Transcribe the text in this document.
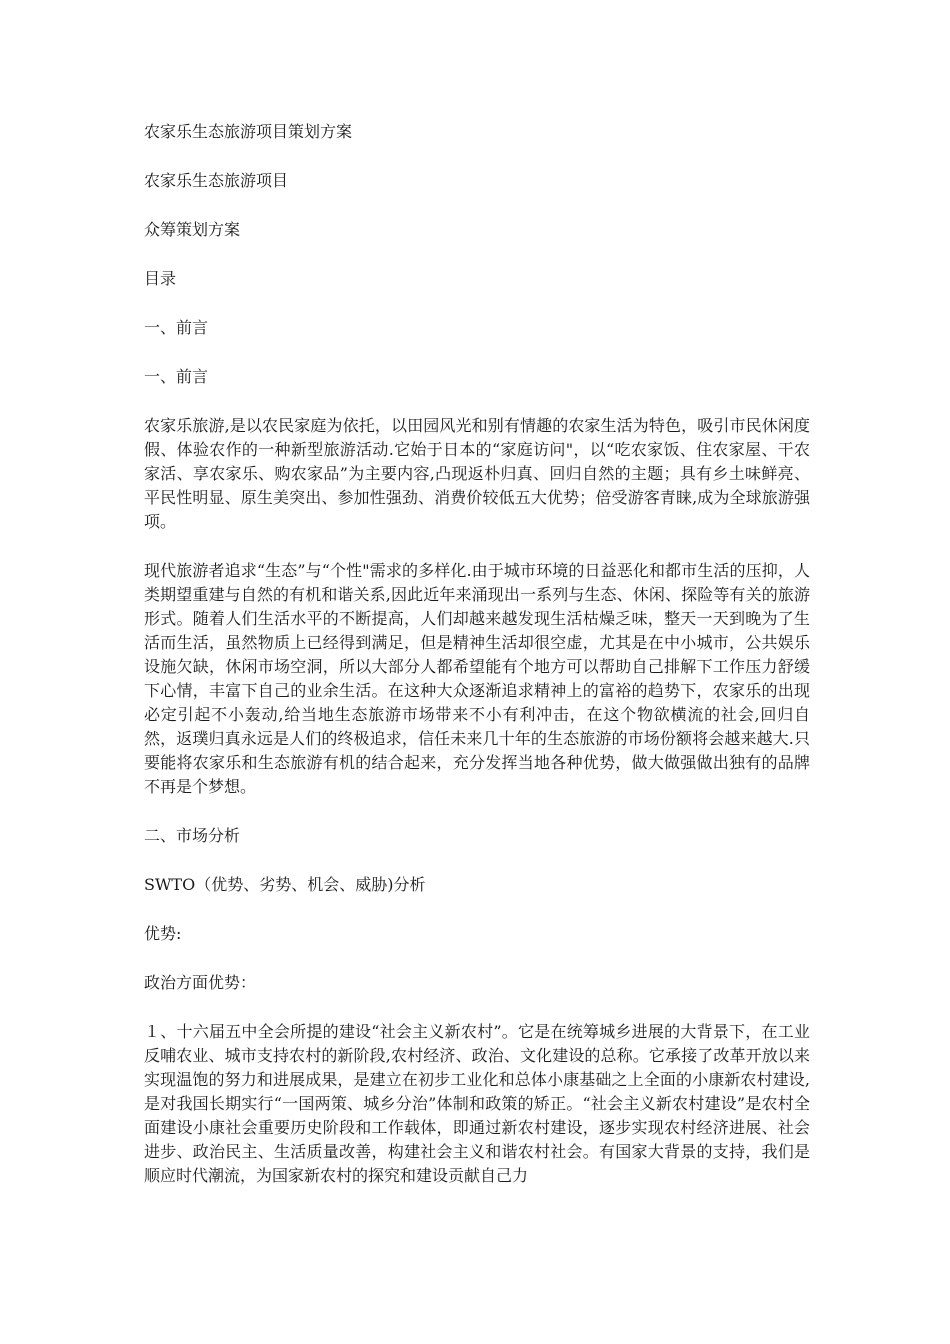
农家乐生态旅游项目策划方案
农家乐生态旅游项目
众筹策划方案
目录
一、前言
一、前言

农家乐旅游,是以农民家庭为依托，以田园风光和别有情趣的农家生活为特色，吸引市民休闲度假、体验农作的一种新型旅游活动.它始于日本的“家庭访问"，以“吃农家饭、住农家屋、干农家活、享农家乐、购农家品”为主要内容,凸现返朴归真、回归自然的主题；具有乡土味鲜亮、平民性明显、原生美突出、参加性强劲、消费价较低五大优势；倍受游客青睐,成为全球旅游强项。

现代旅游者追求“生态”与“个性"需求的多样化.由于城市环境的日益恶化和都市生活的压抑，人类期望重建与自然的有机和谐关系,因此近年来涌现出一系列与生态、休闲、探险等有关的旅游形式。随着人们生活水平的不断提高，人们却越来越发现生活枯燥乏味，整天一天到晚为了生活而生活，虽然物质上已经得到满足，但是精神生活却很空虚，尤其是在中小城市，公共娱乐设施欠缺，休闲市场空洞，所以大部分人都希望能有个地方可以帮助自己排解下工作压力舒缓下心情，丰富下自己的业余生活。在这种大众逐渐追求精神上的富裕的趋势下，农家乐的出现必定引起不小轰动,给当地生态旅游市场带来不小有利冲击，在这个物欲横流的社会,回归自然，返璞归真永远是人们的终极追求，信任未来几十年的生态旅游的市场份额将会越来越大.只要能将农家乐和生态旅游有机的结合起来，充分发挥当地各种优势，做大做强做出独有的品牌不再是个梦想。

二、市场分析
SWTO（优势、劣势、机会、威胁)分析
优势:
政治方面优势：

１、十六届五中全会所提的建设“社会主义新农村”。它是在统筹城乡进展的大背景下，在工业反哺农业、城市支持农村的新阶段,农村经济、政治、文化建设的总称。它承接了改革开放以来实现温饱的努力和进展成果，是建立在初步工业化和总体小康基础之上全面的小康新农村建设,是对我国长期实行“一国两策、城乡分治”体制和政策的矫正。“社会主义新农村建设”是农村全面建设小康社会重要历史阶段和工作载体，即通过新农村建设，逐步实现农村经济进展、社会进步、政治民主、生活质量改善，构建社会主义和谐农村社会。有国家大背景的支持，我们是顺应时代潮流，为国家新农村的探究和建设贡献自己力
